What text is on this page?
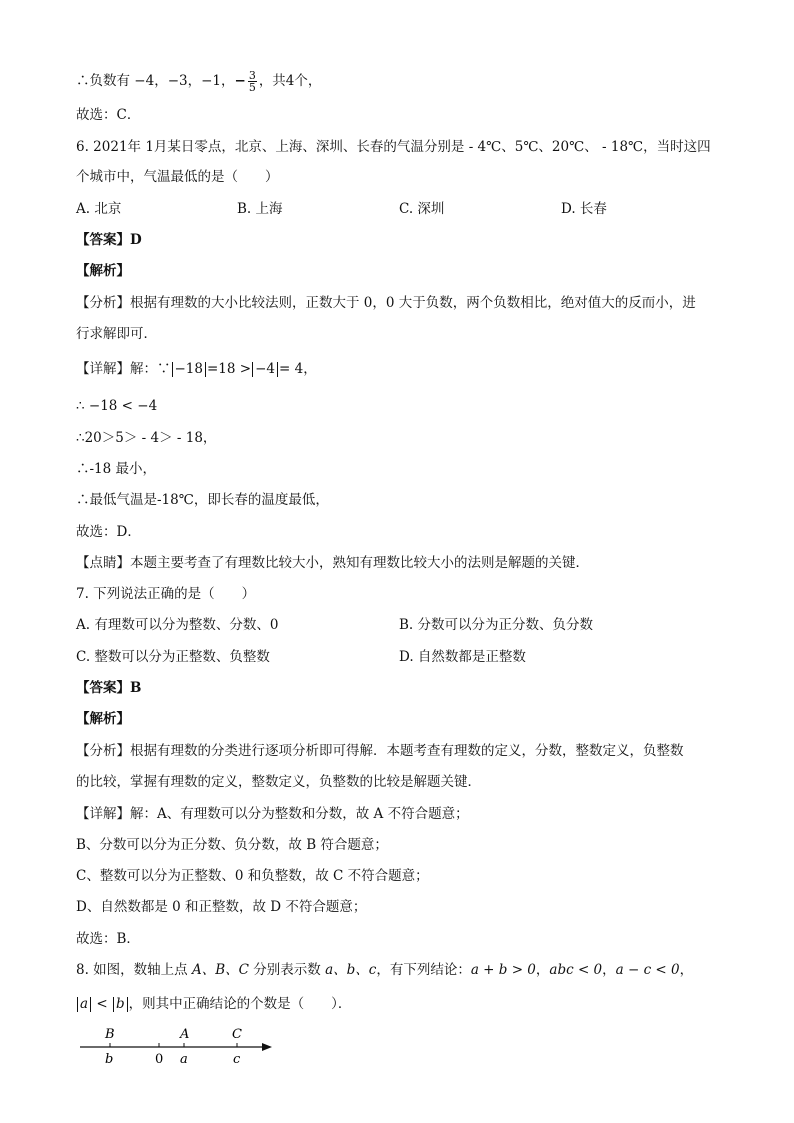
∴负数有 −4，−3，−1，− $\frac{3}{5}$ ，共4个，
故选：C．
6. 2021年 1月某日零点，北京、上海、深圳、长春的气温分别是 - 4℃、5℃、20℃、 - 18℃，当时这四
个城市中，气温最低的是（　　）
A. 北京	B. 上海	C. 深圳	D. 长春
【答案】D
【解析】
【分析】根据有理数的大小比较法则，正数大于 0，0 大于负数，两个负数相比，绝对值大的反而小，进
行求解即可．
【详解】解：∵ −18 =18 > −4 = 4，
∴ −18 < −4
∴20＞5＞ - 4＞ - 18，
∴-18 最小，
∴最低气温是-18℃，即长春的温度最低，
故选：D．
【点睛】本题主要考查了有理数比较大小，熟知有理数比较大小的法则是解题的关键．
7. 下列说法正确的是（　　）
A. 有理数可以分为整数、分数、0	B. 分数可以分为正分数、负分数
C. 整数可以分为正整数、负整数	D. 自然数都是正整数
【答案】B
【解析】
【分析】根据有理数的分类进行逐项分析即可得解．本题考查有理数的定义，分数，整数定义，负整数
的比较，掌握有理数的定义，整数定义，负整数的比较是解题关键．
【详解】解：A、有理数可以分为整数和分数，故 A 不符合题意；
B、分数可以分为正分数、负分数，故 B 符合题意；
C、整数可以分为正整数、0 和负整数，故 C 不符合题意；
D、自然数都是 0 和正整数，故 D 不符合题意；
故选：B．
8. 如图，数轴上点 A、B、C 分别表示数 a、b、c，有下列结论：a + b > 0，abc < 0，a − c < 0，
a < b ，则其中正确结论的个数是（　　）．
B	A	C
b	0 a	c
